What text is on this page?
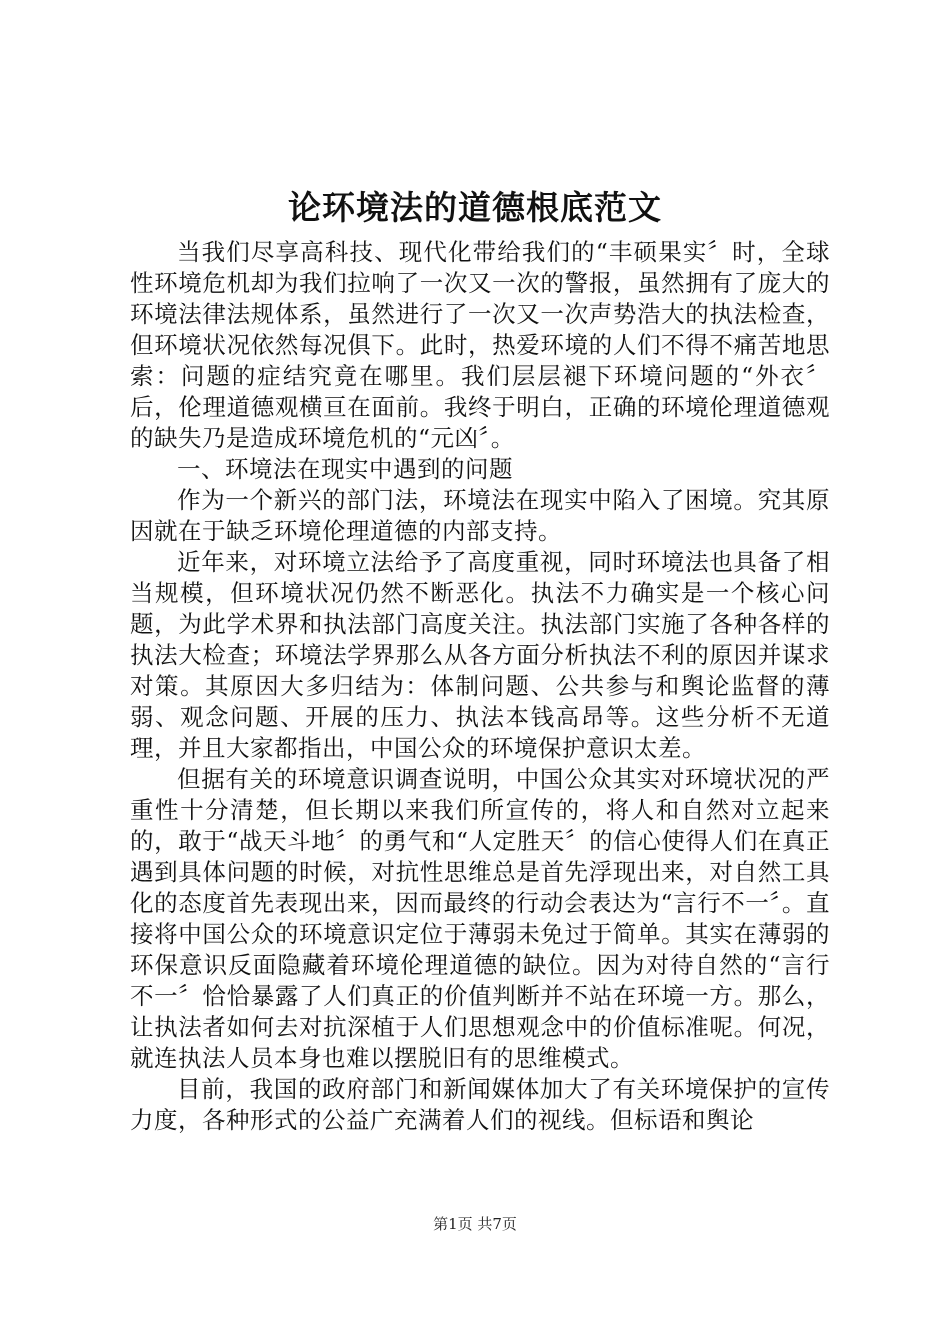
论环境法的道德根底范文

当我们尽享高科技、现代化带给我们的“丰硕果实〞时，全球性环境危机却为我们拉响了一次又一次的警报，虽然拥有了庞大的环境法律法规体系，虽然进行了一次又一次声势浩大的执法检查，但环境状况依然每况俱下。此时，热爱环境的人们不得不痛苦地思索：问题的症结究竟在哪里。我们层层褪下环境问题的“外衣〞后，伦理道德观横亘在面前。我终于明白，正确的环境伦理道德观的缺失乃是造成环境危机的“元凶〞。

一、环境法在现实中遇到的问题

作为一个新兴的部门法，环境法在现实中陷入了困境。究其原因就在于缺乏环境伦理道德的内部支持。

近年来，对环境立法给予了高度重视，同时环境法也具备了相当规模，但环境状况仍然不断恶化。执法不力确实是一个核心问题，为此学术界和执法部门高度关注。执法部门实施了各种各样的执法大检查；环境法学界那么从各方面分析执法不利的原因并谋求对策。其原因大多归结为：体制问题、公共参与和舆论监督的薄弱、观念问题、开展的压力、执法本钱高昂等。这些分析不无道理，并且大家都指出，中国公众的环境保护意识太差。

但据有关的环境意识调查说明，中国公众其实对环境状况的严重性十分清楚，但长期以来我们所宣传的，将人和自然对立起来的，敢于“战天斗地〞的勇气和“人定胜天〞的信心使得人们在真正遇到具体问题的时候，对抗性思维总是首先浮现出来，对自然工具化的态度首先表现出来，因而最终的行动会表达为“言行不一〞。直接将中国公众的环境意识定位于薄弱未免过于简单。其实在薄弱的环保意识反面隐藏着环境伦理道德的缺位。因为对待自然的“言行不一〞恰恰暴露了人们真正的价值判断并不站在环境一方。那么，让执法者如何去对抗深植于人们思想观念中的价值标准呢。何况，就连执法人员本身也难以摆脱旧有的思维模式。

目前，我国的政府部门和新闻媒体加大了有关环境保护的宣传力度，各种形式的公益广充满着人们的视线。但标语和舆论

第1页 共7页
